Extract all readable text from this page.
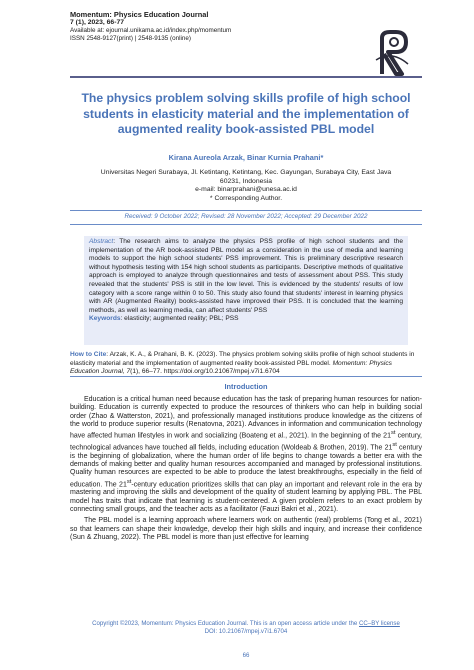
Momentum: Physics Education Journal
7 (1), 2023, 66-77
Available at: ejournal.unikama.ac.id/index.php/momentum
ISSN 2548-9127(print) | 2548-9135 (online)
The physics problem solving skills profile of high school students in elasticity material and the implementation of augmented reality book-assisted PBL model
Kirana Aureola Arzak, Binar Kurnia Prahani*
Universitas Negeri Surabaya, Jl. Ketintang, Ketintang, Kec. Gayungan, Surabaya City, East Java
60231, Indonesia
e-mail: binarprahani@unesa.ac.id
* Corresponding Author.
Received: 9 October 2022; Revised: 28 November 2022; Accepted: 29 December 2022
Abstract: The research aims to analyze the physics PSS profile of high school students and the implementation of the AR book-assisted PBL model as a consideration in the use of media and learning models to support the high school students' PSS improvement. This is preliminary descriptive research without hypothesis testing with 154 high school students as participants. Descriptive methods of qualitative approach is employed to analyze through questionnaires and tests of assessment about PSS. This study revealed that the students' PSS is still in the low level. This is evidenced by the students' results of low category with a score range within 0 to 50. This study also found that students' interest in learning physics with AR (Augmented Reality) books-assisted have improved their PSS. It is concluded that the learning methods, as well as learning media, can affect students' PSS
Keywords: elasticity; augmented reality; PBL; PSS
How to Cite: Arzak, K. A., & Prahani, B. K. (2023). The physics problem solving skills profile of high school students in elasticity material and the implementation of augmented reality book-assisted PBL model. Momentum: Physics Education Journal, 7(1), 66–77. https://doi.org/10.21067/mpej.v7i1.6704
Introduction

Education is a critical human need because education has the task of preparing human resources for nation-building. Education is currently expected to produce the resources of thinkers who can help in building social order (Zhao & Watterston, 2021), and professionally managed institutions produce knowledge as the citizens of the world to produce superior results (Renatovna, 2021). Advances in information and communication technology have affected human lifestyles in work and socializing (Boateng et al., 2021). In the beginning of the 21st century, technological advances have touched all fields, including education (Woldeab & Brothen, 2019). The 21st century is the beginning of globalization, where the human order of life begins to change towards a better era with the demands of making better and quality human resources accompanied and managed by professional institutions. Quality human resources are expected to be able to produce the latest breakthroughs, especially in the field of education. The 21st-century education prioritizes skills that can play an important and relevant role in the era by mastering and improving the skills and development of the quality of student learning by applying PBL. The PBL model has traits that indicate that learning is student-centered. A given problem refers to an exact problem by connecting small groups, and the teacher acts as a facilitator (Fauzi Bakri et al., 2021).

The PBL model is a learning approach where learners work on authentic (real) problems (Tong et al., 2021) so that learners can shape their knowledge, develop their high skills and inquiry, and increase their confidence (Sun & Zhuang, 2022). The PBL model is more than just effective for learning

Copyright ©2023, Momentum: Physics Education Journal. This is an open access article under the CC–BY license
DOI: 10.21067/mpej.v7i1.6704
66
